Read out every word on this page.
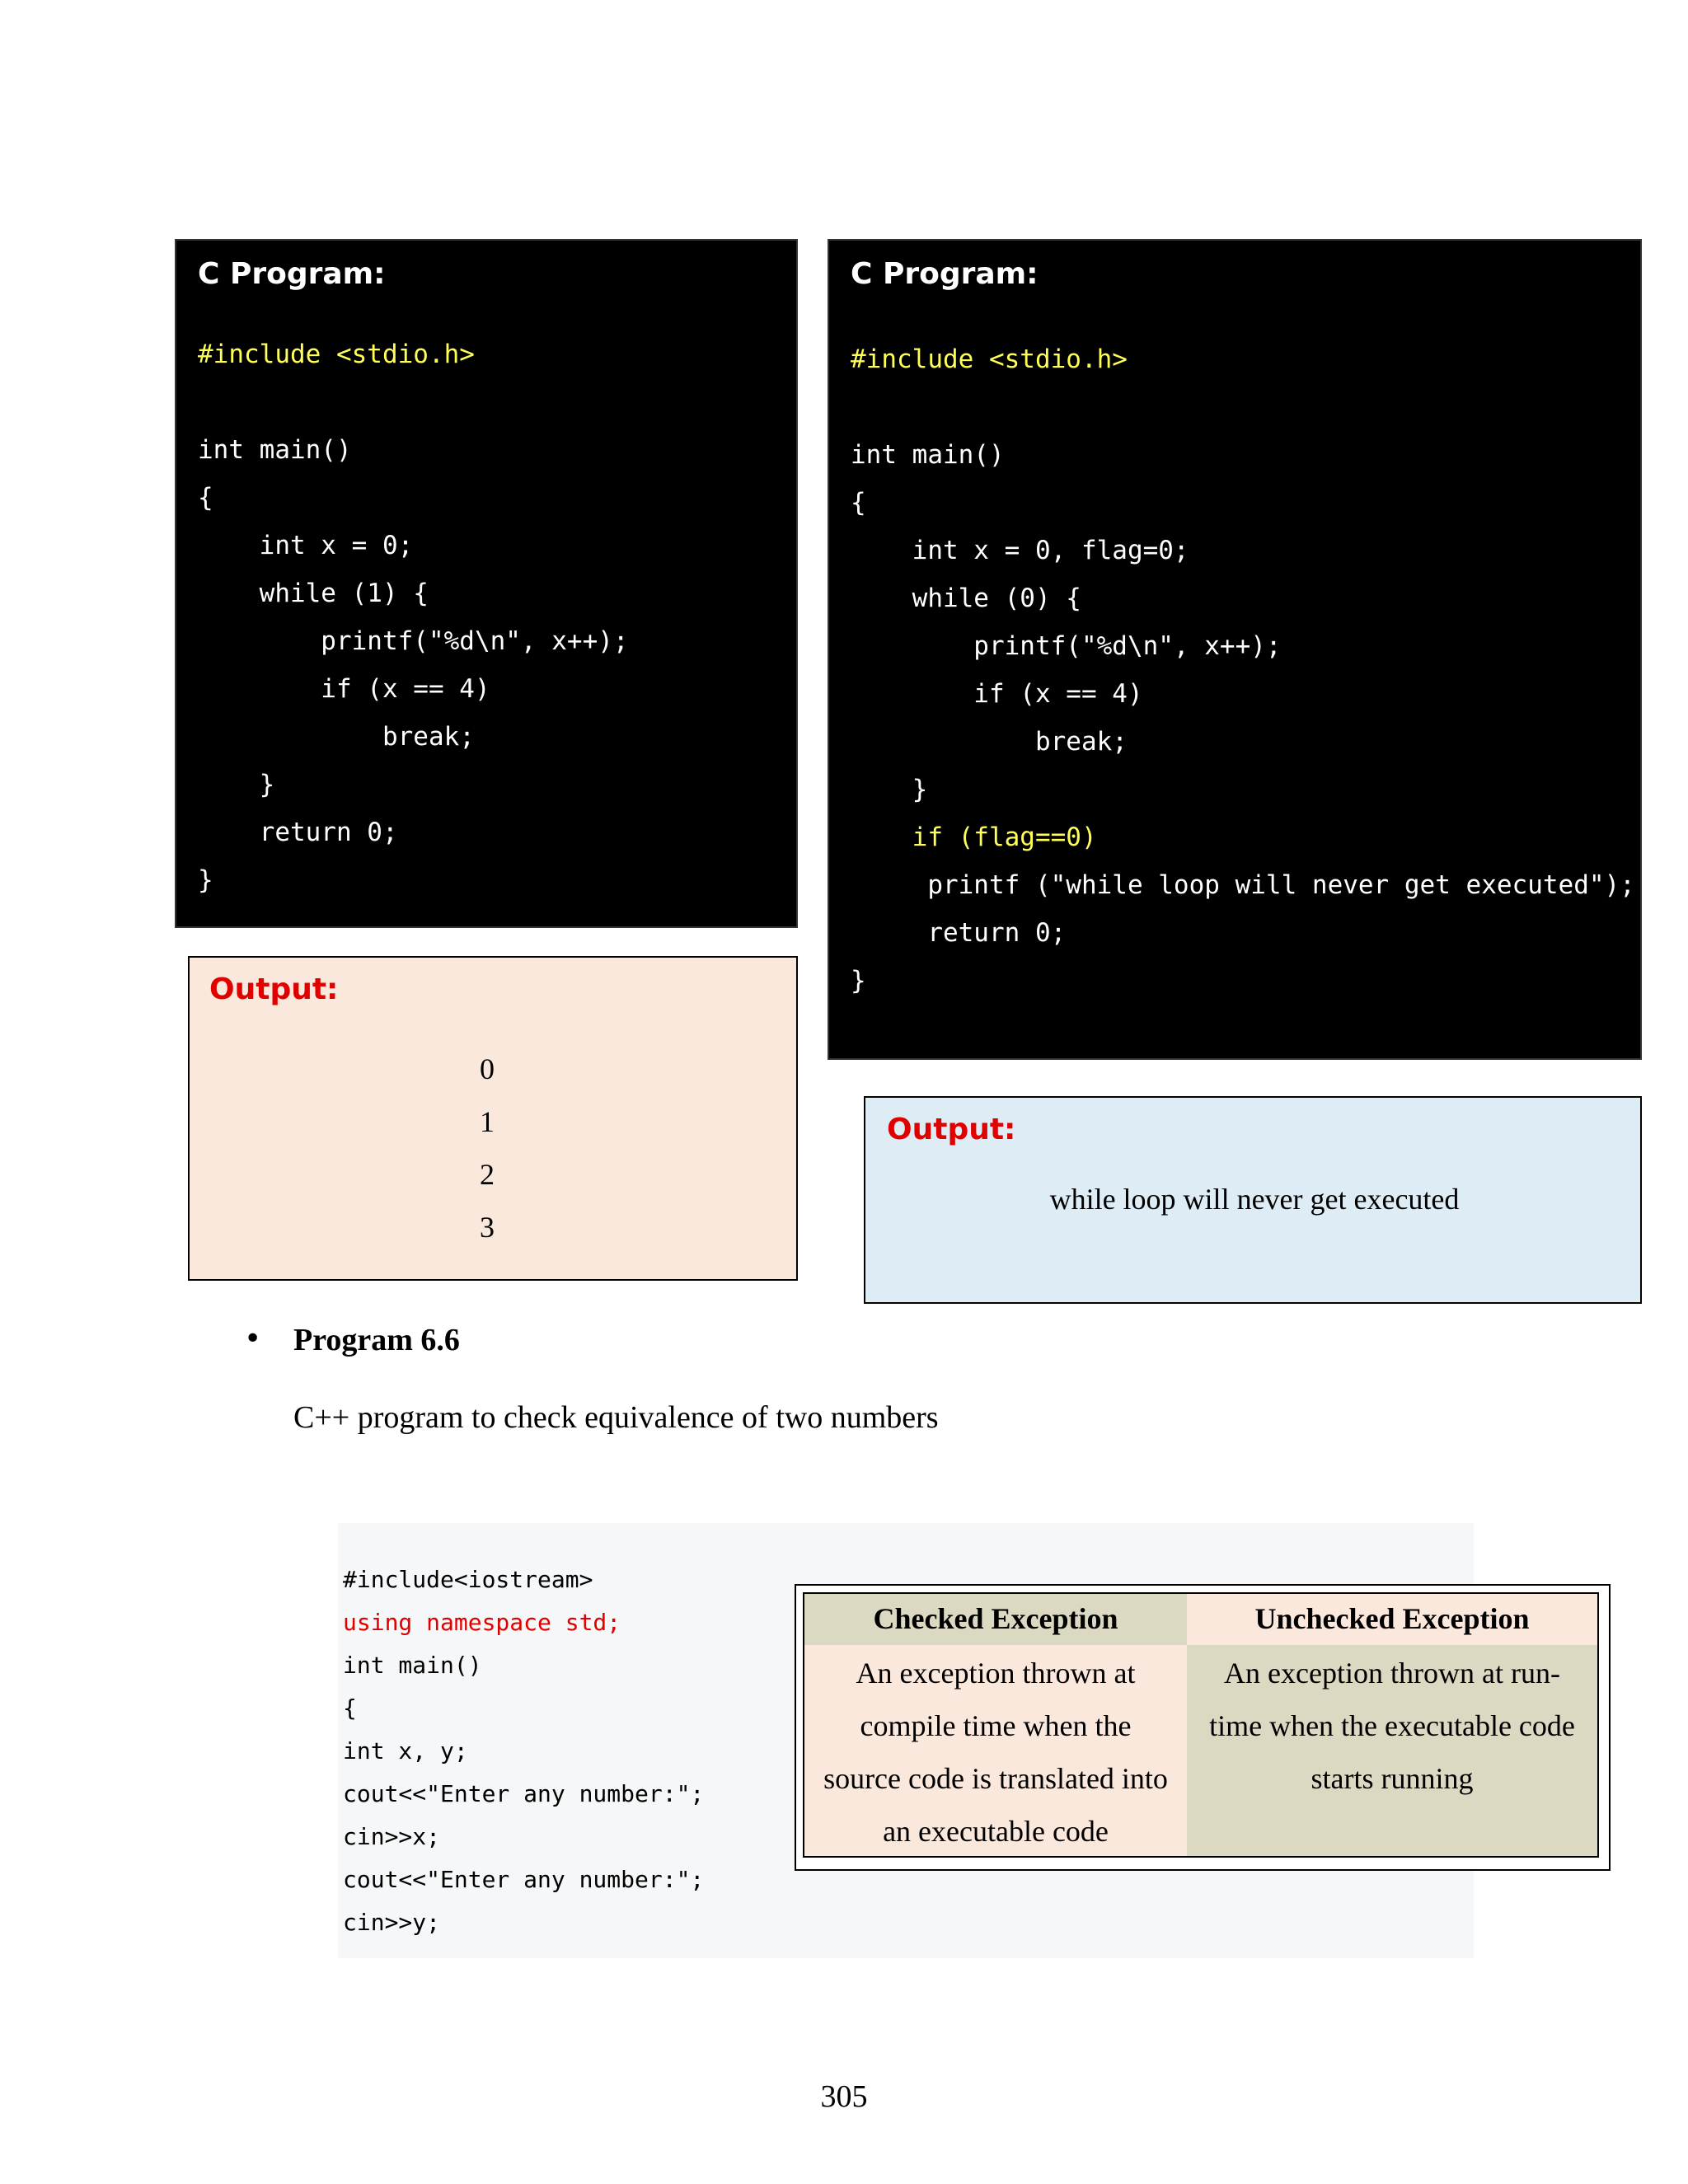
C Program:
#include <stdio.h>
int main()
{
int x = 0;
while (1) {
printf("%d\n", x++);
if (x == 4)
break;
}
return 0;
}
Output:
0
1
2
3
C Program:
#include <stdio.h>
int main()
{
int x = 0, flag=0;
while (0) {
printf("%d\n", x++);
if (x == 4)
break;
}
if (flag==0)
printf ("while loop will never get executed");
return 0;
}
Output:
while loop will never get executed
• Program 6.6
C++ program to check equivalence of two numbers
#include<iostream>
using namespace std;
int main()
{
int x, y;
cout<<"Enter any number:";
cin>>x;
cout<<"Enter any number:";
cin>>y;
Checked Exception	Unchecked Exception
An exception thrown at
compile time when the
source code is translated into
an executable code
An exception thrown at run-
time when the executable code
starts running
305
